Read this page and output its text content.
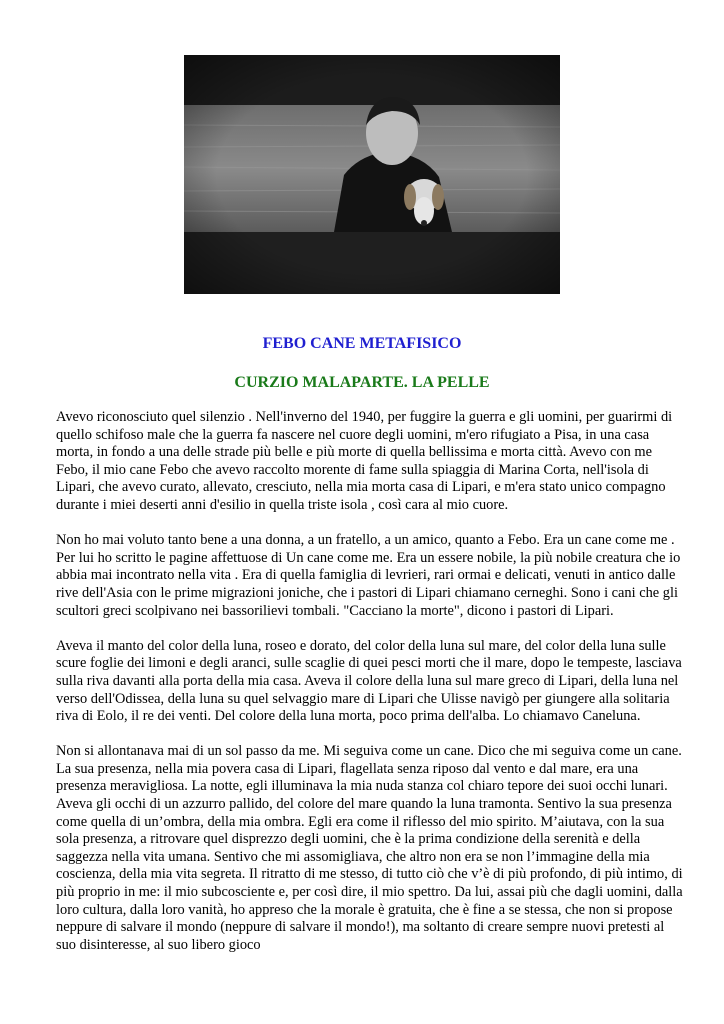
FEBO CANE METAFISICO
CURZIO MALAPARTE. LA PELLE

Avevo riconosciuto quel silenzio . Nell'inverno del 1940, per fuggire la guerra e gli uomini, per guarirmi di quello schifoso male che la guerra fa nascere nel cuore degli uomini, m'ero rifugiato a Pisa, in una casa morta, in fondo a una delle strade più belle e più morte di quella bellissima e morta città. Avevo con me Febo, il mio cane Febo che avevo raccolto morente di fame sulla spiaggia di Marina Corta, nell'isola di Lipari, che avevo curato, allevato, cresciuto, nella mia morta casa di Lipari, e m'era stato unico compagno durante i miei deserti anni d'esilio in quella triste isola , così cara al mio cuore.

Non ho mai voluto tanto bene a una donna, a un fratello, a un amico, quanto a Febo. Era un cane come me . Per lui ho scritto le pagine affettuose di Un cane come me. Era un essere nobile, la più nobile creatura che io abbia mai incontrato nella vita . Era di quella famiglia di levrieri, rari ormai e delicati, venuti in antico dalle rive dell'Asia con le prime migrazioni joniche, che i pastori di Lipari chiamano cerneghi. Sono i cani che gli scultori greci scolpivano nei bassorilievi tombali. "Cacciano la morte", dicono i pastori di Lipari.

Aveva il manto del color della luna, roseo e dorato, del color della luna sul mare, del color della luna sulle scure foglie dei limoni e degli aranci, sulle scaglie di quei pesci morti che il mare, dopo le tempeste, lasciava sulla riva davanti alla porta della mia casa. Aveva il colore della luna sul mare greco di Lipari, della luna nel verso dell'Odissea, della luna su quel selvaggio mare di Lipari che Ulisse navigò per giungere alla solitaria riva di Eolo, il re dei venti. Del colore della luna morta, poco prima dell'alba. Lo chiamavo Caneluna.

Non si allontanava mai di un sol passo da me. Mi seguiva come un cane. Dico che mi seguiva come un cane. La sua presenza, nella mia povera casa di Lipari, flagellata senza riposo dal vento e dal mare, era una presenza meravigliosa. La notte, egli illuminava la mia nuda stanza col chiaro tepore dei suoi occhi lunari. Aveva gli occhi di un azzurro pallido, del colore del mare quando la luna tramonta. Sentivo la sua presenza come quella di un’ombra, della mia ombra. Egli era come il riflesso del mio spirito. M’aiutava, con la sua sola presenza, a ritrovare quel disprezzo degli uomini, che è la prima condizione della serenità e della saggezza nella vita umana. Sentivo che mi assomigliava, che altro non era se non l’immagine della mia coscienza, della mia vita segreta. Il ritratto di me stesso, di tutto ciò che v’è di più profondo, di più intimo, di più proprio in me: il mio subcosciente e, per così dire, il mio spettro. Da lui, assai più che dagli uomini, dalla loro cultura, dalla loro vanità, ho appreso che la morale è gratuita, che è fine a se stessa, che non si propose neppure di salvare il mondo (neppure di salvare il mondo!), ma soltanto di creare sempre nuovi pretesti al suo disinteresse, al suo libero gioco
